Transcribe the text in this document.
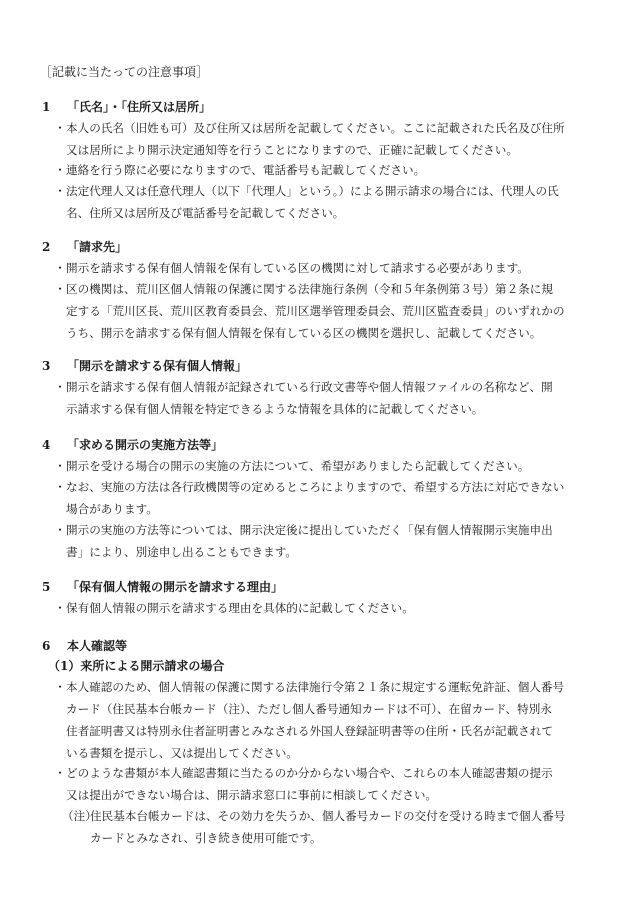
［記載に当たっての注意事項］
1 「氏名」・「住所又は居所」
・ 本人の氏名（旧姓も可）及び住所又は居所を記載してください。ここに記載された氏名及び住所
又は居所により開示決定通知等を行うことになりますので、正確に記載してください。
・ 連絡を行う際に必要になりますので、電話番号も記載してください。
・ 法定代理人又は任意代理人（以下「代理人」という。）による開示請求の場合には、代理人の氏
名、住所又は居所及び電話番号を記載してください。
2 「請求先」
・ 開示を請求する保有個人情報を保有している区の機関に対して請求する必要があります。
・ 区の機関は、荒川区個人情報の保護に関する法律施行条例（令和５年条例第３号）第２条に規
定する「荒川区長、荒川区教育委員会、荒川区選挙管理委員会、荒川区監査委員」のいずれかの
うち、開示を請求する保有個人情報を保有している区の機関を選択し、記載してください。
3 「開示を請求する保有個人情報」
・ 開示を請求する保有個人情報が記録されている行政文書等や個人情報ファイルの名称など、開
示請求する保有個人情報を特定できるような情報を具体的に記載してください。
4 「求める開示の実施方法等」
・ 開示を受ける場合の開示の実施の方法について、希望がありましたら記載してください。
・ なお、実施の方法は各行政機関等の定めるところによりますので、希望する方法に対応できない
場合があります。
・ 開示の実施の方法等については、開示決定後に提出していただく「保有個人情報開示実施申出
書」により、別途申し出ることもできます。
5 「保有個人情報の開示を請求する理由」
・ 保有個人情報の開示を請求する理由を具体的に記載してください。
6 本人確認等
（1）来所による開示請求の場合
・ 本人確認のため、個人情報の保護に関する法律施行令第２１条に規定する運転免許証、個人番号
カード（住民基本台帳カード（注）、ただし個人番号通知カードは不可）、在留カード、特別永
住者証明書又は特別永住者証明書とみなされる外国人登録証明書等の住所・氏名が記載されて
いる書類を提示し、又は提出してください。
・ どのような書類が本人確認書類に当たるのか分からない場合や、これらの本人確認書類の提示
又は提出ができない場合は、開示請求窓口に事前に相談してください。
（注）
住民基本台帳カードは、その効力を失うか、個人番号カードの交付を受ける時まで個人番号
カードとみなされ、引き続き使用可能です。
